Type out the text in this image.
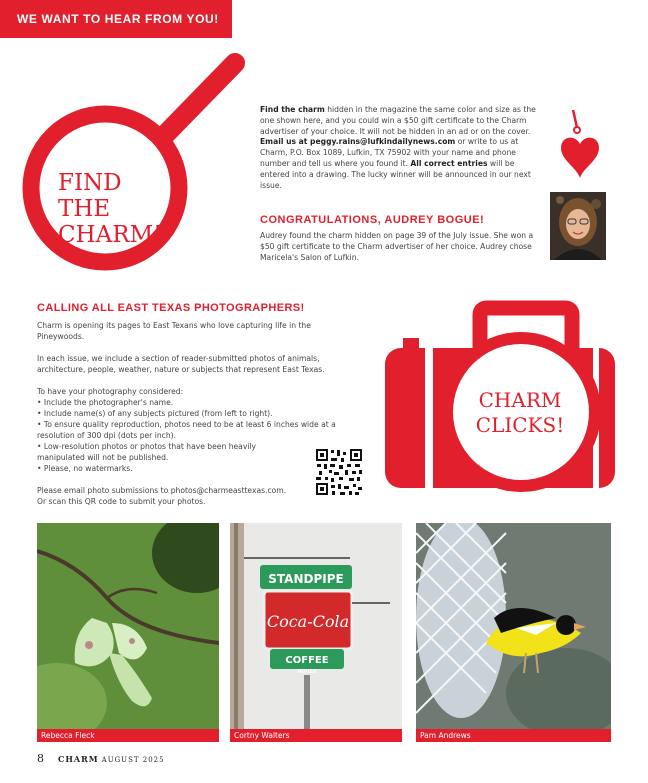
WE WANT TO HEAR FROM YOU!
FIND
THE
CHARM!

Find the charm hidden in the magazine the same color and size as the one shown here, and you could win a $50 gift certificate to the Charm advertiser of your choice. It will not be hidden in an ad or on the cover. Email us at peggy.rains@lufkindailynews.com or write to us at Charm, P.O. Box 1089, Lufkin, TX 75902 with your name and phone number and tell us where you found it. All correct entries will be entered into a drawing. The lucky winner will be announced in our next issue.

CONGRATULATIONS, AUDREY BOGUE!

Audrey found the charm hidden on page 39 of the July issue. She won a $50 gift certificate to the Charm advertiser of her choice. Audrey chose Maricela's Salon of Lufkin.

CALLING ALL EAST TEXAS PHOTOGRAPHERS!

Charm is opening its pages to East Texans who love capturing life in the Pineywoods.

In each issue, we include a section of reader-submitted photos of animals, architecture, people, weather, nature or subjects that represent East Texas.

To have your photography considered:
• Include the photographer's name.
• Include name(s) of any subjects pictured (from left to right).
• To ensure quality reproduction, photos need to be at least 6 inches wide at a resolution of 300 dpi (dots per inch).
• Low-resolution photos or photos that have been heavily manipulated will not be published.
• Please, no watermarks.
Please email photo submissions to photos@charmeasttexas.com.
Or scan this QR code to submit your photos.
CHARM
CLICKS!
Rebecca Fleck
STANDPIPE
Coca-Cola
COFFEE
HOUSE
Cortny Walters	Pam Andrews
8 CHARM AUGUST 2025
